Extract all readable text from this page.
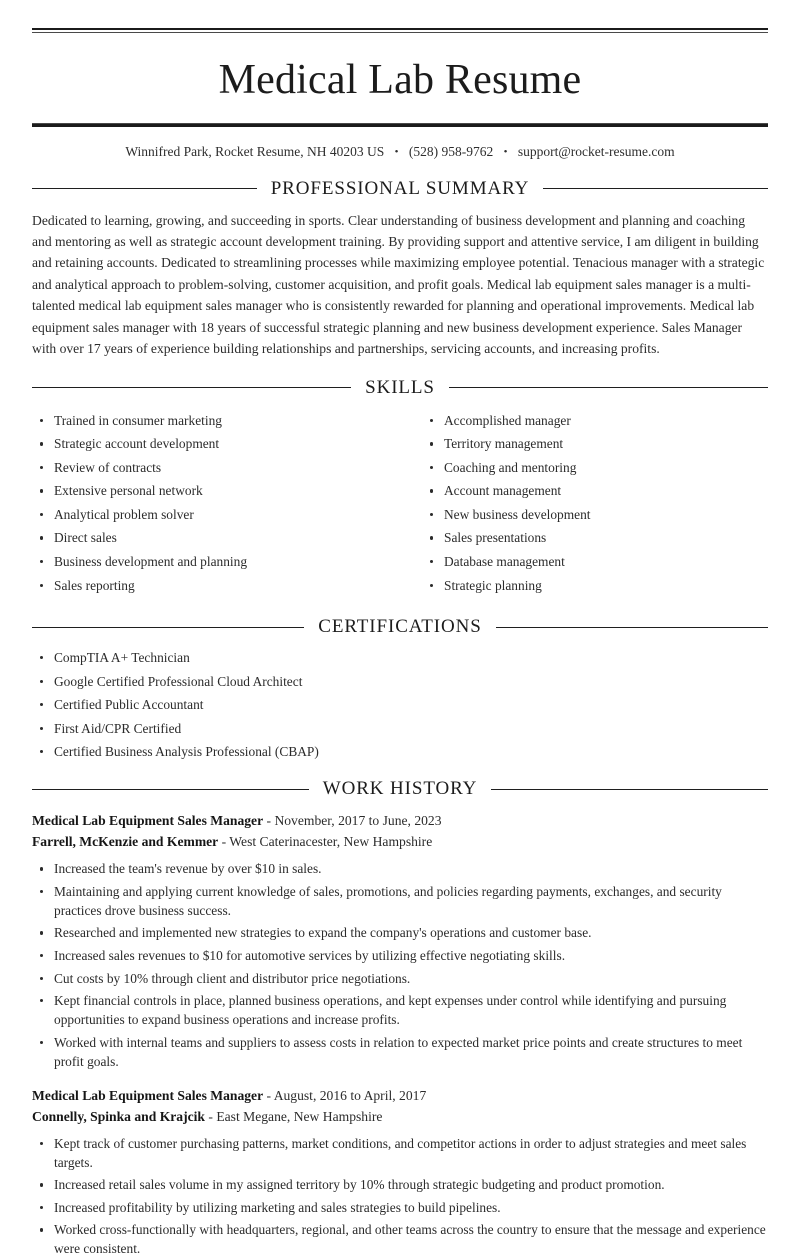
Medical Lab Resume

Winnifred Park, Rocket Resume, NH 40203 US • (528) 958-9762 • support@rocket-resume.com

PROFESSIONAL SUMMARY

Dedicated to learning, growing, and succeeding in sports. Clear understanding of business development and planning and coaching and mentoring as well as strategic account development training. By providing support and attentive service, I am diligent in building and retaining accounts. Dedicated to streamlining processes while maximizing employee potential. Tenacious manager with a strategic and analytical approach to problem-solving, customer acquisition, and profit goals. Medical lab equipment sales manager is a multi-talented medical lab equipment sales manager who is consistently rewarded for planning and operational improvements. Medical lab equipment sales manager with 18 years of successful strategic planning and new business development experience. Sales Manager with over 17 years of experience building relationships and partnerships, servicing accounts, and increasing profits.

SKILLS
Trained in consumer marketing
Strategic account development
Review of contracts
Extensive personal network
Analytical problem solver
Direct sales
Business development and planning
Sales reporting
Accomplished manager
Territory management
Coaching and mentoring
Account management
New business development
Sales presentations
Database management
Strategic planning
CERTIFICATIONS
CompTIA A+ Technician
Google Certified Professional Cloud Architect
Certified Public Accountant
First Aid/CPR Certified
Certified Business Analysis Professional (CBAP)
WORK HISTORY
Medical Lab Equipment Sales Manager - November, 2017 to June, 2023
Farrell, McKenzie and Kemmer - West Caterinacester, New Hampshire
Increased the team's revenue by over $10 in sales.
Maintaining and applying current knowledge of sales, promotions, and policies regarding payments, exchanges, and security practices drove business success.
Researched and implemented new strategies to expand the company's operations and customer base.
Increased sales revenues to $10 for automotive services by utilizing effective negotiating skills.
Cut costs by 10% through client and distributor price negotiations.
Kept financial controls in place, planned business operations, and kept expenses under control while identifying and pursuing opportunities to expand business operations and increase profits.
Worked with internal teams and suppliers to assess costs in relation to expected market price points and create structures to meet profit goals.
Medical Lab Equipment Sales Manager - August, 2016 to April, 2017
Connelly, Spinka and Krajcik - East Megane, New Hampshire
Kept track of customer purchasing patterns, market conditions, and competitor actions in order to adjust strategies and meet sales targets.
Increased retail sales volume in my assigned territory by 10% through strategic budgeting and product promotion.
Increased profitability by utilizing marketing and sales strategies to build pipelines.
Worked cross-functionally with headquarters, regional, and other teams across the country to ensure that the message and experience were consistent.
